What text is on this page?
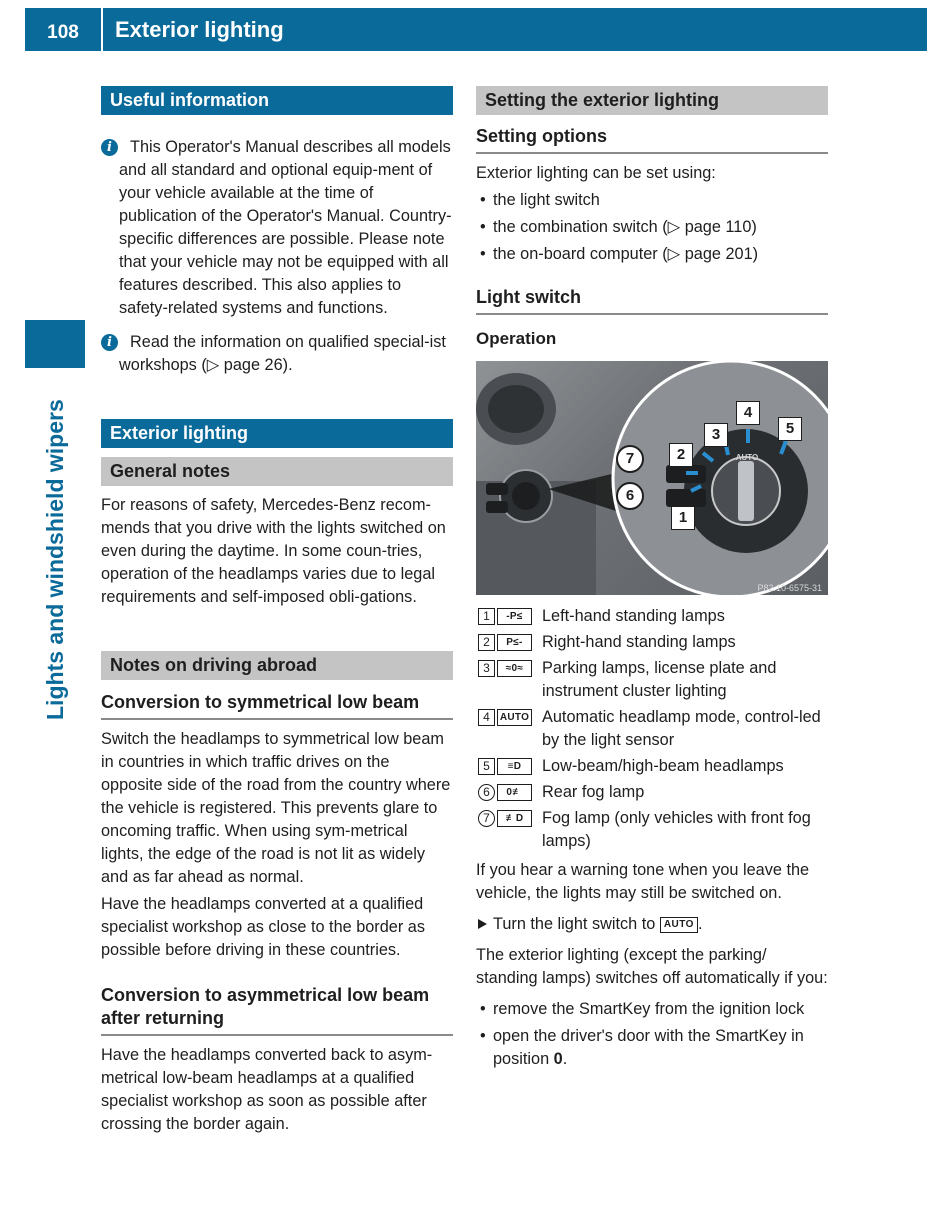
108	Exterior lighting
Lights and windshield wipers
Useful information
i	This Operator's Manual describes all models and all standard and optional equip-ment of your vehicle available at the time of publication of the Operator's Manual. Country-specific differences are possible. Please note that your vehicle may not be equipped with all features described. This also applies to safety-related systems and functions.
i	Read the information on qualified special-ist workshops (▷ page 26).
Exterior lighting
General notes

For reasons of safety, Mercedes-Benz recom-mends that you drive with the lights switched on even during the daytime. In some coun-tries, operation of the headlamps varies due to legal requirements and self-imposed obli-gations.

Notes on driving abroad
Conversion to symmetrical low beam

Switch the headlamps to symmetrical low beam in countries in which traffic drives on the opposite side of the road from the country where the vehicle is registered. This prevents glare to oncoming traffic. When using sym-metrical lights, the edge of the road is not lit as widely and as far ahead as normal.

Have the headlamps converted at a qualified specialist workshop as close to the border as possible before driving in these countries.

Conversion to asymmetrical low beam after returning

Have the headlamps converted back to asym-metrical low-beam headlamps at a qualified specialist workshop as soon as possible after crossing the border again.

Setting the exterior lighting
Setting options

Exterior lighting can be set using:

• the light switch
• the combination switch (▷ page 110)
• the on-board computer (▷ page 201)
Light switch
Operation
AUTO
1
2
3
4
5
6
7
P82.10-6575-31
1	-P≤	Left-hand standing lamps
2	P≤-	Right-hand standing lamps
3	≈0≈	Parking lamps, license plate and instrument cluster lighting
4 AUTO Automatic headlamp mode, control-led by the light sensor
5	≡D	Low-beam/high-beam headlamps
6	0≢	Rear fog lamp
7	≢D	Fog lamp (only vehicles with front fog lamps)

If you hear a warning tone when you leave the vehicle, the lights may still be switched on.

Turn the light switch to AUTO .

The exterior lighting (except the parking/ standing lamps) switches off automatically if you:

• remove the SmartKey from the ignition lock
• open the driver's door with the SmartKey in position 0.
